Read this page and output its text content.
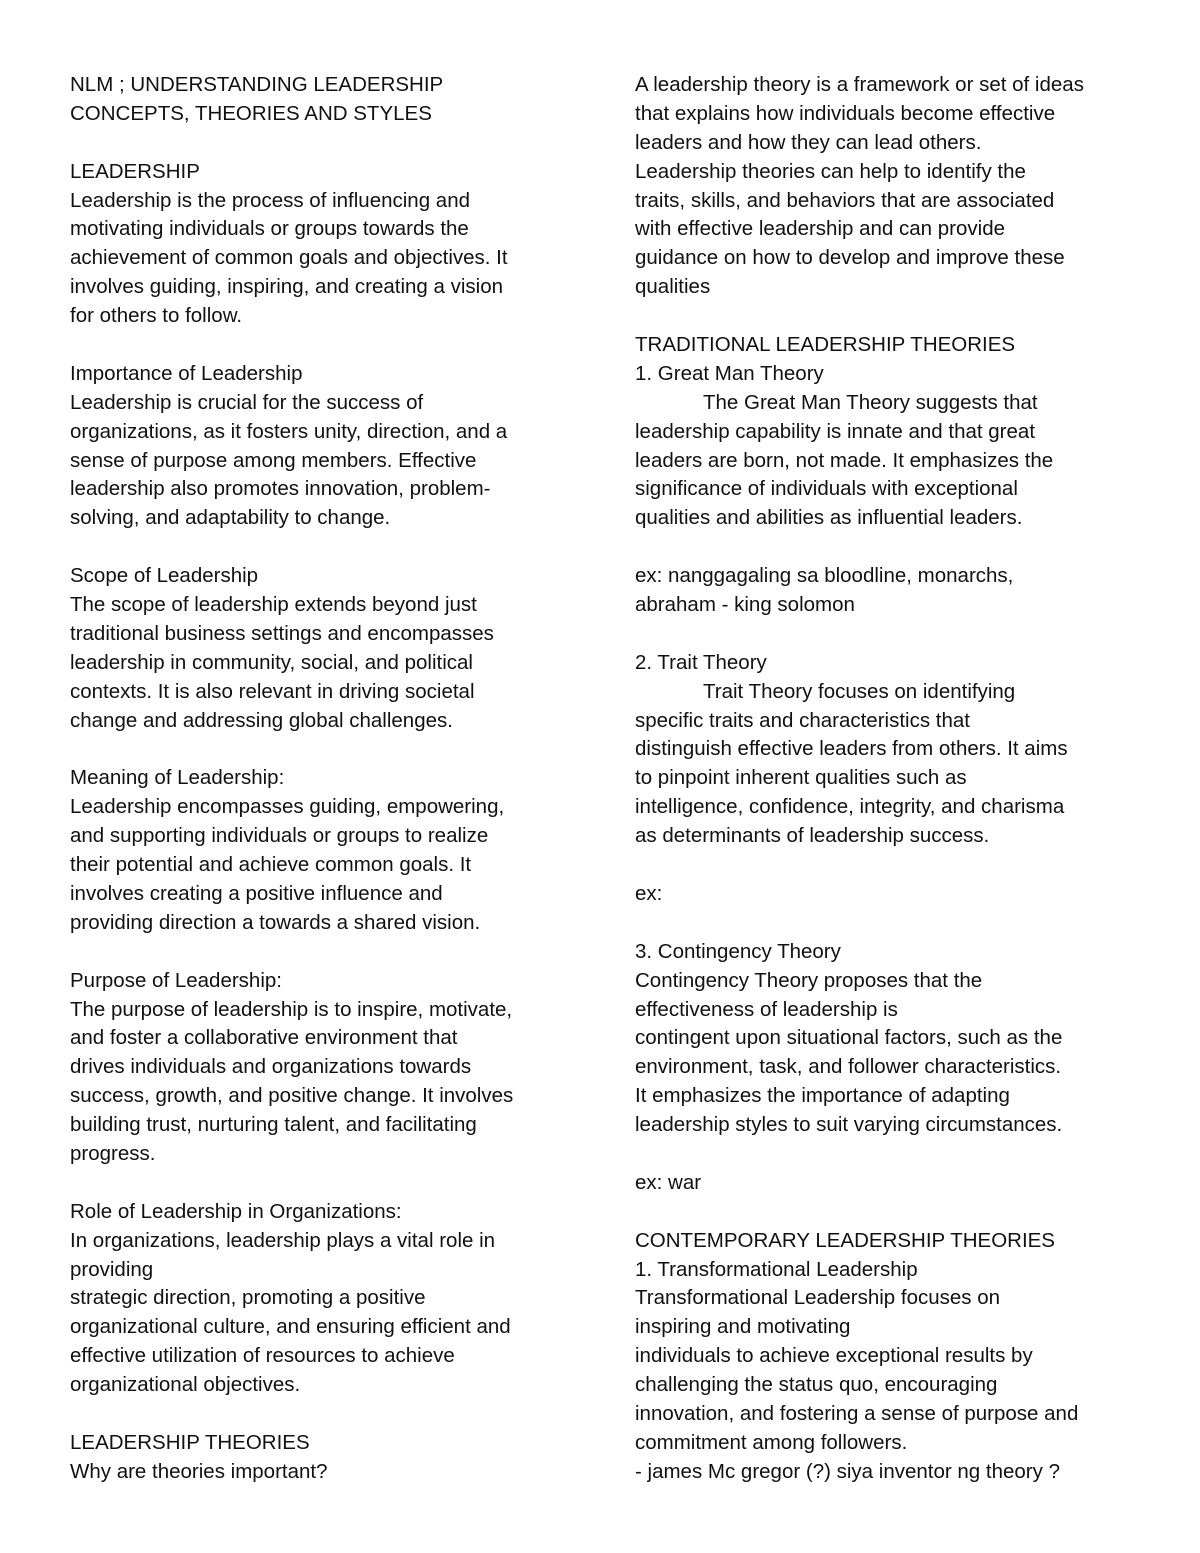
NLM ; UNDERSTANDING LEADERSHIP
CONCEPTS, THEORIES AND STYLES
LEADERSHIP
Leadership is the process of influencing and
motivating individuals or groups towards the
achievement of common goals and objectives. It
involves guiding, inspiring, and creating a vision
for others to follow.
Importance of Leadership
Leadership is crucial for the success of
organizations, as it fosters unity, direction, and a
sense of purpose among members. Effective
leadership also promotes innovation, problem-
solving, and adaptability to change.
Scope of Leadership
The scope of leadership extends beyond just
traditional business settings and encompasses
leadership in community, social, and political
contexts. It is also relevant in driving societal
change and addressing global challenges.
Meaning of Leadership:
Leadership encompasses guiding, empowering,
and supporting individuals or groups to realize
their potential and achieve common goals. It
involves creating a positive influence and
providing direction a towards a shared vision.
Purpose of Leadership:
The purpose of leadership is to inspire, motivate,
and foster a collaborative environment that
drives individuals and organizations towards
success, growth, and positive change. It involves
building trust, nurturing talent, and facilitating
progress.
Role of Leadership in Organizations:
In organizations, leadership plays a vital role in
providing
strategic direction, promoting a positive
organizational culture, and ensuring efficient and
effective utilization of resources to achieve
organizational objectives.
LEADERSHIP THEORIES
Why are theories important?
A leadership theory is a framework or set of ideas
that explains how individuals become effective
leaders and how they can lead others.
Leadership theories can help to identify the
traits, skills, and behaviors that are associated
with effective leadership and can provide
guidance on how to develop and improve these
qualities
TRADITIONAL LEADERSHIP THEORIES
1. Great Man Theory
The Great Man Theory suggests that
leadership capability is innate and that great
leaders are born, not made. It emphasizes the
significance of individuals with exceptional
qualities and abilities as influential leaders.
ex: nanggagaling sa bloodline, monarchs,
abraham - king solomon
2. Trait Theory
Trait Theory focuses on identifying
specific traits and characteristics that
distinguish effective leaders from others. It aims
to pinpoint inherent qualities such as
intelligence, confidence, integrity, and charisma
as determinants of leadership success.
ex:
3. Contingency Theory
Contingency Theory proposes that the
effectiveness of leadership is
contingent upon situational factors, such as the
environment, task, and follower characteristics.
It emphasizes the importance of adapting
leadership styles to suit varying circumstances.
ex: war
CONTEMPORARY LEADERSHIP THEORIES
1. Transformational Leadership
Transformational Leadership focuses on
inspiring and motivating
individuals to achieve exceptional results by
challenging the status quo, encouraging
innovation, and fostering a sense of purpose and
commitment among followers.
- james Mc gregor (?) siya inventor ng theory ?
